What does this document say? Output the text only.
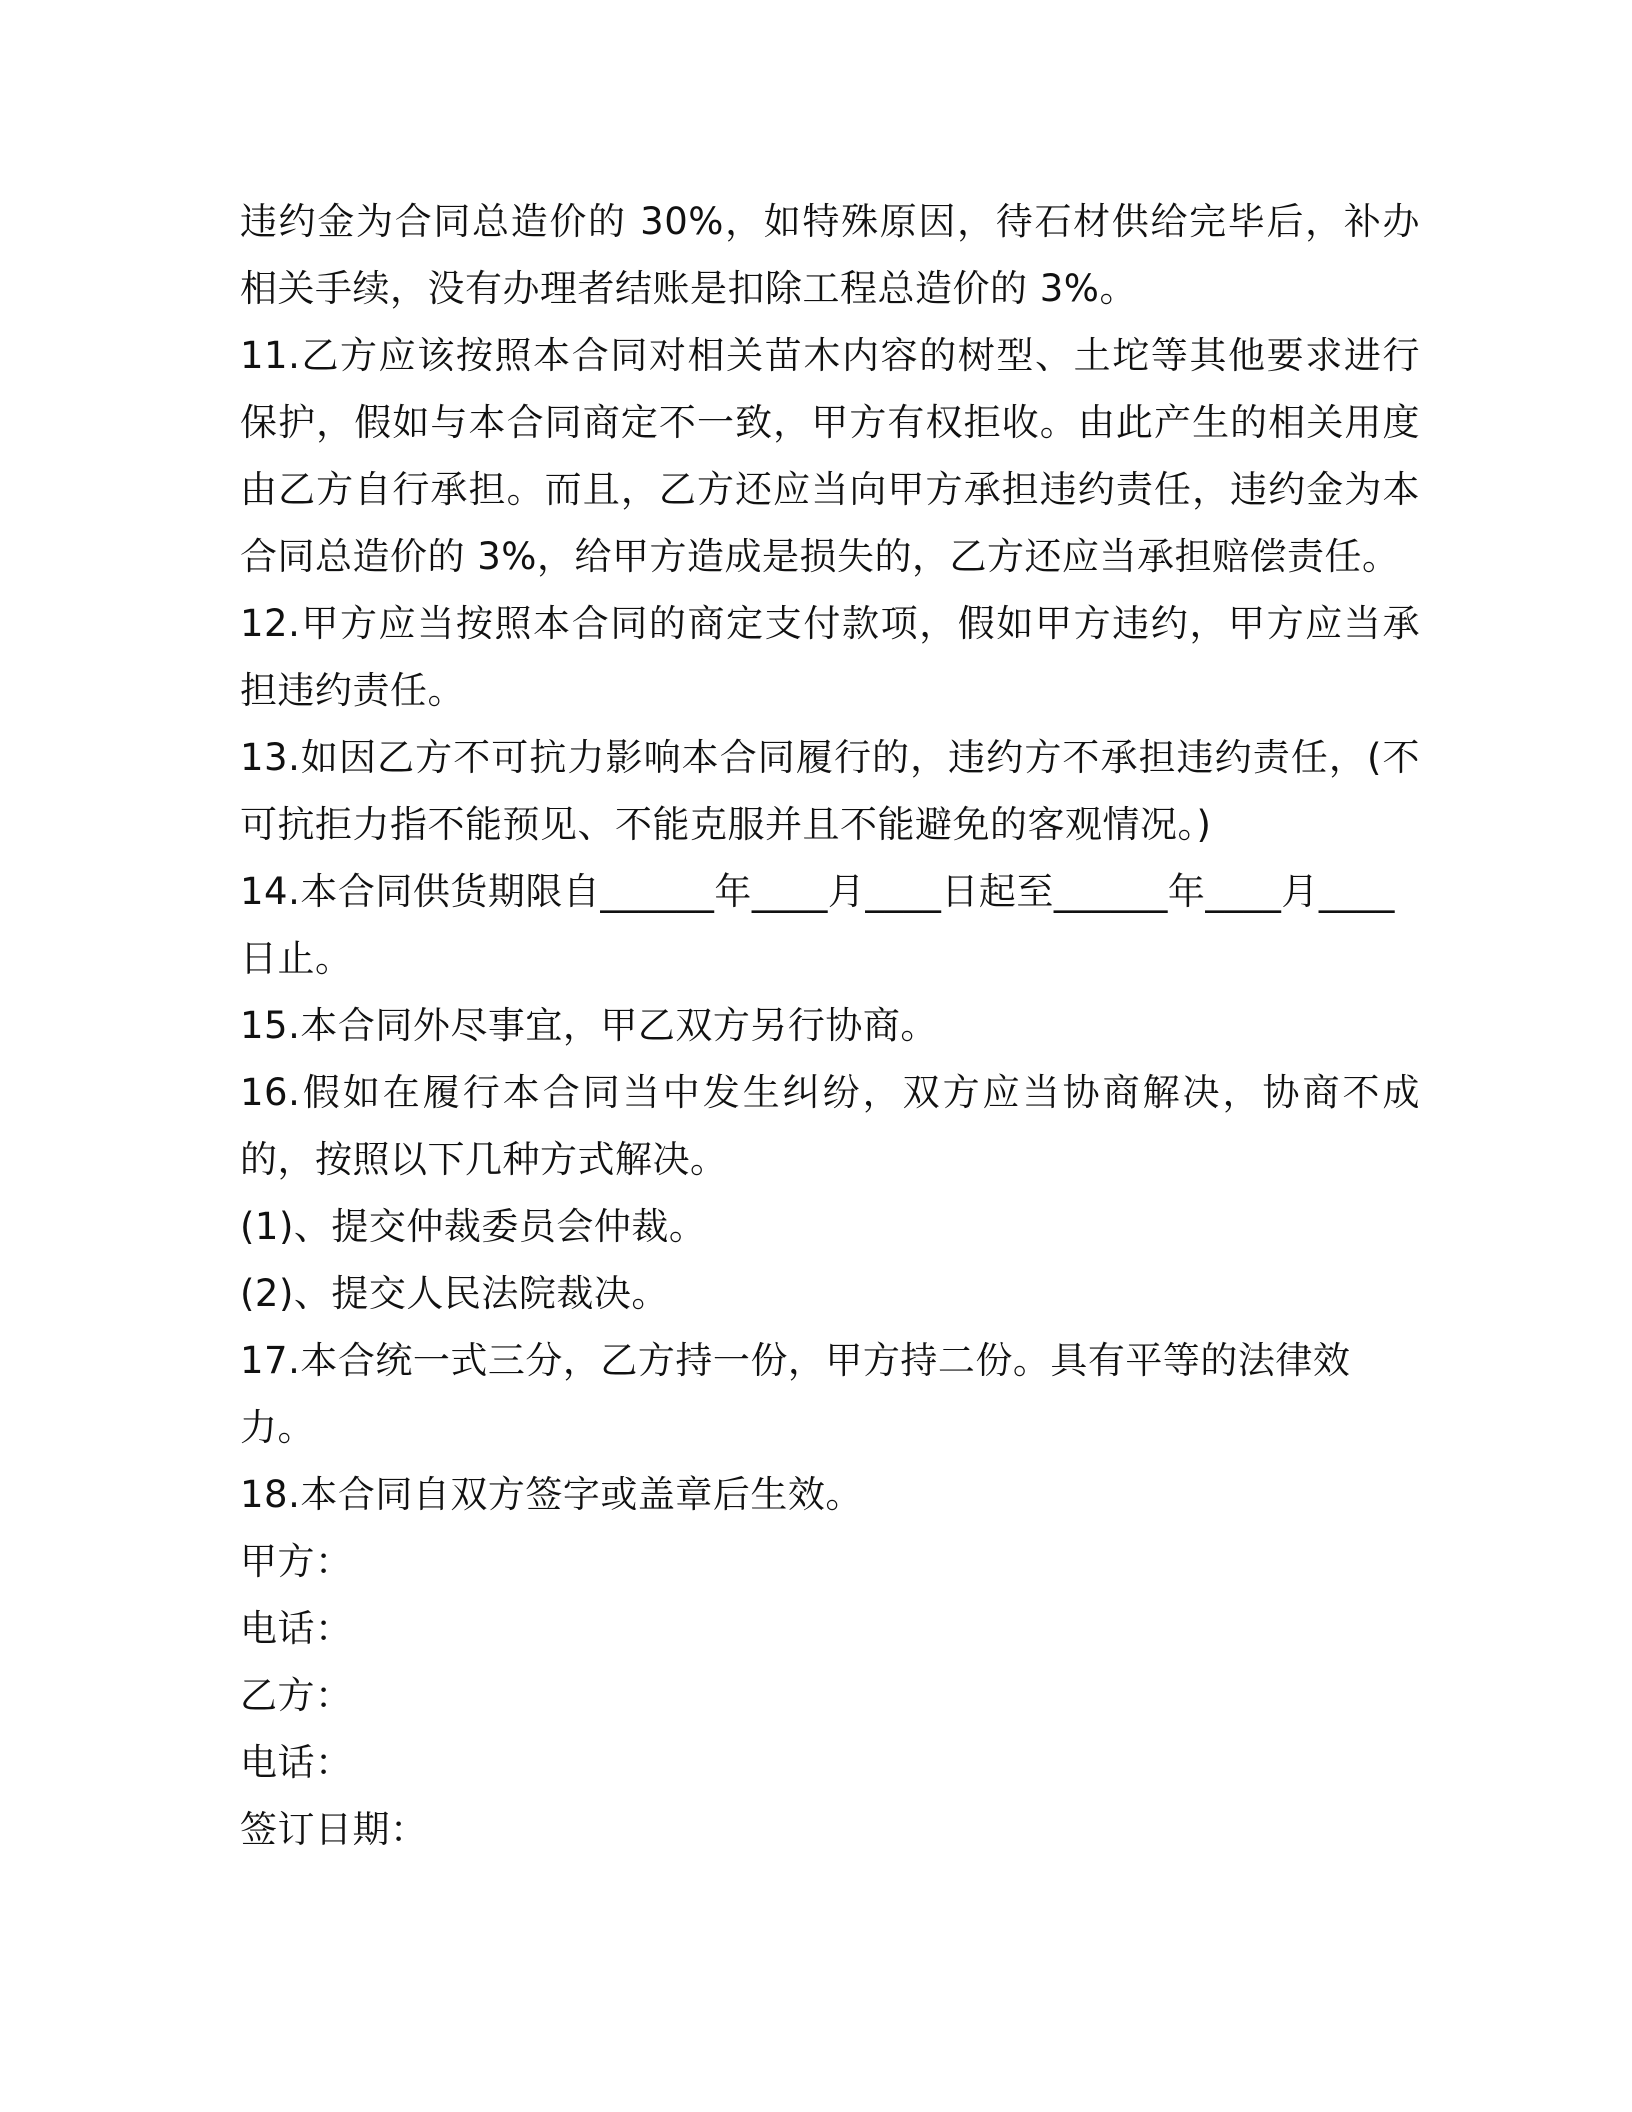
违约金为合同总造价的 30%，如特殊原因，待石材供给完毕后，补办相关手续，没有办理者结账是扣除工程总造价的 3%。

11.乙方应该按照本合同对相关苗木内容的树型、土坨等其他要求进行保护，假如与本合同商定不一致，甲方有权拒收。由此产生的相关用度由乙方自行承担。而且，乙方还应当向甲方承担违约责任，违约金为本合同总造价的 3%，给甲方造成是损失的，乙方还应当承担赔偿责任。

12.甲方应当按照本合同的商定支付款项，假如甲方违约，甲方应当承担违约责任。

13.如因乙方不可抗力影响本合同履行的，违约方不承担违约责任，(不可抗拒力指不能预见、不能克服并且不能避免的客观情况。)

14.本合同供货期限自______年____月____日起至______年____月____日止。

15.本合同外尽事宜，甲乙双方另行协商。

16.假如在履行本合同当中发生纠纷，双方应当协商解决，协商不成的，按照以下几种方式解决。

(1)、提交仲裁委员会仲裁。

(2)、提交人民法院裁决。

17.本合统一式三分，乙方持一份，甲方持二份。具有平等的法律效力。

18.本合同自双方签字或盖章后生效。

甲方：

电话：

乙方：

电话：

签订日期：
